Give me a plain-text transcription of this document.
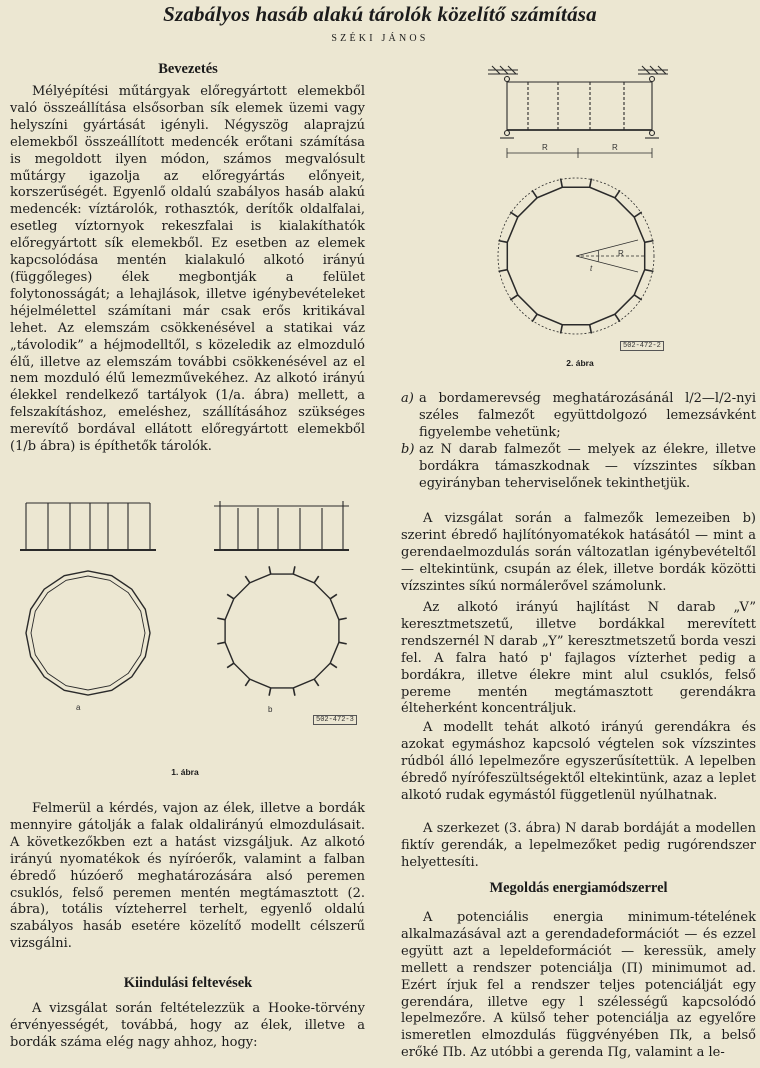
Szabályos hasáb alakú tárolók közelítő számítása
SZÉKI JÁNOS
Bevezetés

Mélyépítési műtárgyak előregyártott elemekből való összeállítása elsősorban sík elemek üzemi vagy helyszíni gyártását igényli. Négyszög alaprajzú elemekből összeállított medencék erőtani számítása is megoldott ilyen módon, számos megvalósult műtárgy igazolja az előregyártás előnyeit, korszerűségét. Egyenlő oldalú szabályos hasáb alakú medencék: víztárolók, rothasztók, derítők oldalfalai, esetleg víztornyok rekeszfalai is kialakíthatók előregyártott sík elemekből. Ez esetben az elemek kapcsolódása mentén kialakuló alkotó irányú (függőleges) élek megbontják a felület folytonosságát; a lehajlások, illetve igénybevételeket héjelmélettel számítani már csak erős kritikával lehet. Az elemszám csökkenésével a statikai váz „távolodik” a héjmodelltől, s közeledik az elmozduló élű, illetve az elemszám további csökkenésével az el nem mozduló élű lemezművekéhez. Az alkotó irányú élekkel rendelkező tartályok (1/a. ábra) mellett, a felszakításhoz, emeléshez, szállításához szükséges merevítő bordával ellátott előregyártott elemekből (1/b ábra) is építhetők tárolók.

a	b
502-472-3
1. ábra

Felmerül a kérdés, vajon az élek, illetve a bordák mennyire gátolják a falak oldalirányú elmozdulásait. A következőkben ezt a hatást vizsgáljuk. Az alkotó irányú nyomatékok és nyíróerők, valamint a falban ébredő húzóerő meghatározására alsó peremen csuklós, felső peremen mentén megtámasztott (2. ábra), totális vízteherrel terhelt, egyenlő oldalú szabályos hasáb esetére közelítő modellt célszerű vizsgálni.

Kiindulási feltevések

A vizsgálat során feltételezzük a Hooke-törvény érvényességét, továbbá, hogy az élek, illetve a bordák száma elég nagy ahhoz, hogy:

R	R
R
t
502-472-2
2. ábra
a) a bordamerevség meghatározásánál l/2—l/2-nyi széles falmezőt együttdolgozó lemezsávként figyelembe vehetünk;
b) az N darab falmezőt — melyek az élekre, illetve bordákra támaszkodnak — vízszintes síkban egyirányban teherviselőnek tekinthetjük.

A vizsgálat során a falmezők lemezeiben b) szerint ébredő hajlítónyomatékok hatásától — mint a gerendaelmozdulás során változatlan igénybevételtől — eltekintünk, csupán az élek, illetve bordák közötti vízszintes síkú normálerővel számolunk.

Az alkotó irányú hajlítást N darab „V” keresztmetszetű, illetve bordákkal merevített rendszernél N darab „Y” keresztmetszetű borda veszi fel. A falra ható p' fajlagos vízterhet pedig a bordákra, illetve élekre mint alul csuklós, felső pereme mentén megtámasztott gerendákra élteherként koncentráljuk.

A modellt tehát alkotó irányú gerendákra és azokat egymáshoz kapcsoló végtelen sok vízszintes rúdból álló lepelmezőre egyszerűsítettük. A lepelben ébredő nyírófeszültségektől eltekintünk, azaz a leplet alkotó rudak egymástól függetlenül nyúlhatnak.

A szerkezet (3. ábra) N darab bordáját a modellen fiktív gerendák, a lepelmezőket pedig rugórendszer helyettesíti.

Megoldás energiamódszerrel

A potenciális energia minimum-tételének alkalmazásával azt a gerendadeformációt — és ezzel együtt azt a lepeldeformációt — keressük, amely mellett a rendszer potenciálja (Π) minimumot ad. Ezért írjuk fel a rendszer teljes potenciálját egy gerendára, illetve egy l szélességű kapcsolódó lepelmezőre. A külső teher potenciálja az egyelőre ismeretlen elmozdulás függvényében Πk, a belső erőké Πb. Az utóbbi a gerenda Πg, valamint a le-
